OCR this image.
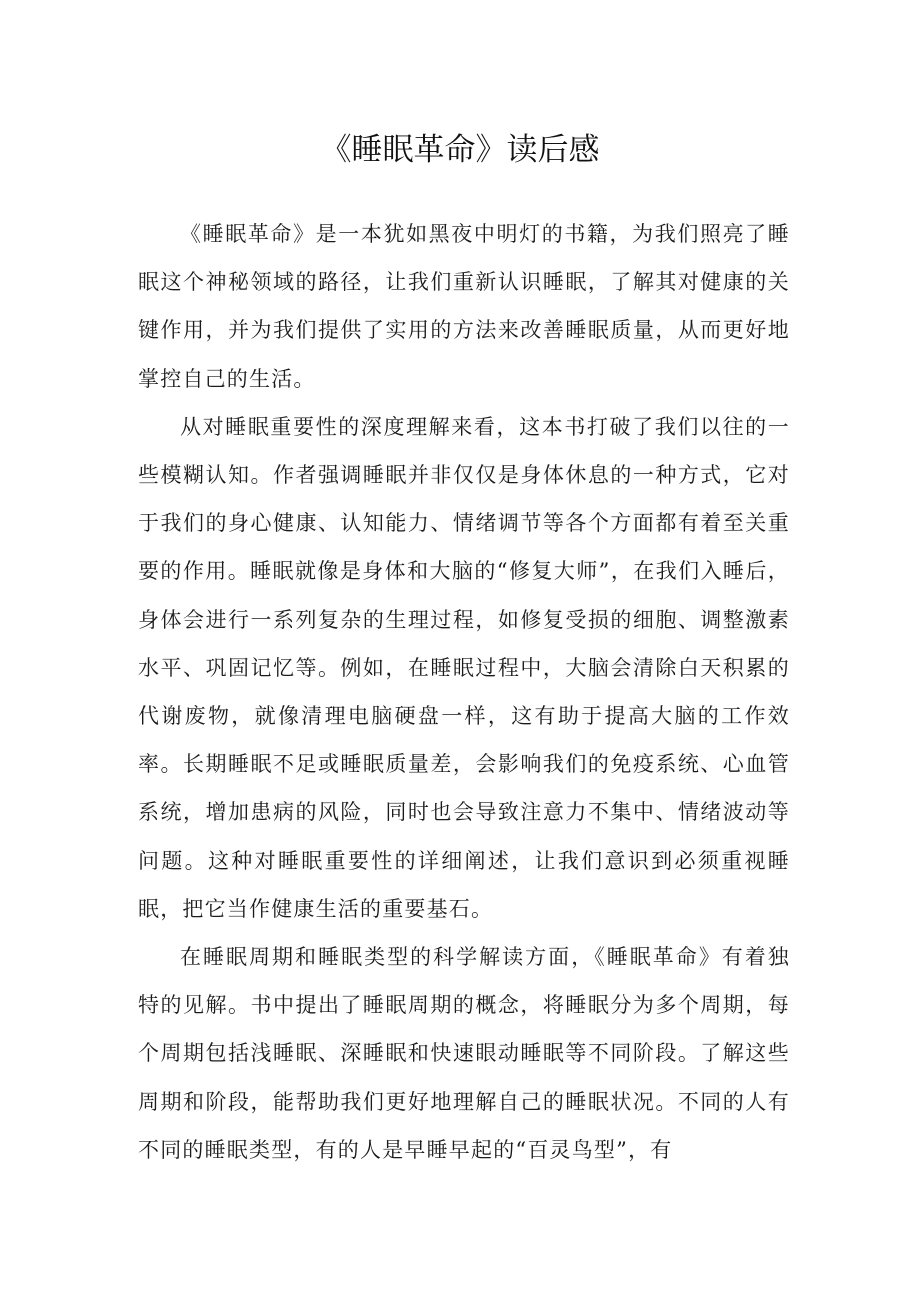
《睡眠革命》读后感

《睡眠革命》是一本犹如黑夜中明灯的书籍，为我们照亮了睡眠这个神秘领域的路径，让我们重新认识睡眠，了解其对健康的关键作用，并为我们提供了实用的方法来改善睡眠质量，从而更好地掌控自己的生活。

从对睡眠重要性的深度理解来看，这本书打破了我们以往的一些模糊认知。作者强调睡眠并非仅仅是身体休息的一种方式，它对于我们的身心健康、认知能力、情绪调节等各个方面都有着至关重要的作用。睡眠就像是身体和大脑的“修复大师”，在我们入睡后，身体会进行一系列复杂的生理过程，如修复受损的细胞、调整激素水平、巩固记忆等。例如，在睡眠过程中，大脑会清除白天积累的代谢废物，就像清理电脑硬盘一样，这有助于提高大脑的工作效率。长期睡眠不足或睡眠质量差，会影响我们的免疫系统、心血管系统，增加患病的风险，同时也会导致注意力不集中、情绪波动等问题。这种对睡眠重要性的详细阐述，让我们意识到必须重视睡眠，把它当作健康生活的重要基石。

在睡眠周期和睡眠类型的科学解读方面，《睡眠革命》有着独特的见解。书中提出了睡眠周期的概念，将睡眠分为多个周期，每个周期包括浅睡眠、深睡眠和快速眼动睡眠等不同阶段。了解这些周期和阶段，能帮助我们更好地理解自己的睡眠状况。不同的人有不同的睡眠类型，有的人是早睡早起的“百灵鸟型”，有
